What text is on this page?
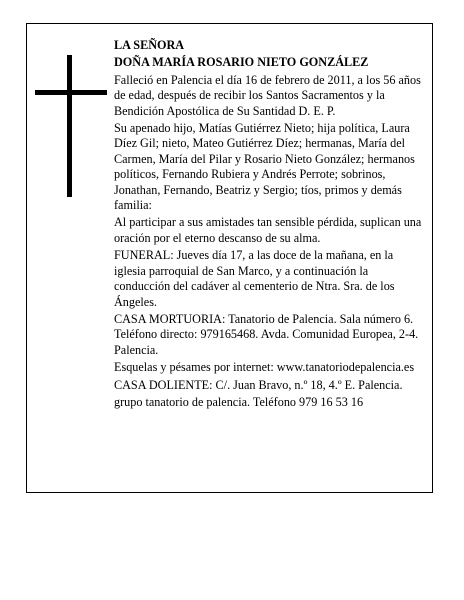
LA SEÑORA

DOÑA MARÍA ROSARIO NIETO GONZÁLEZ

Falleció en Palencia el día 16 de febrero de 2011, a los 56 años de edad, después de recibir los Santos Sacramentos y la Bendición Apostólica de Su Santidad D. E. P.

Su apenado hijo, Matías Gutiérrez Nieto; hija política, Laura Díez Gil; nieto, Mateo Gutiérrez Díez; hermanas, María del Carmen, María del Pilar y Rosario Nieto González; hermanos políticos, Fernando Rubiera y Andrés Perrote; sobrinos, Jonathan, Fernando, Beatriz y Sergio; tíos, primos y demás familia:

Al participar a sus amistades tan sensible pérdida, suplican una oración por el eterno descanso de su alma.

FUNERAL: Jueves día 17, a las doce de la mañana, en la iglesia parroquial de San Marco, y a continuación la conducción del cadáver al cementerio de Ntra. Sra. de los Ángeles.

CASA MORTUORIA: Tanatorio de Palencia. Sala número 6. Teléfono directo: 979165468. Avda. Comunidad Europea, 2-4. Palencia.

Esquelas y pésames por internet: www.tanatoriodepalencia.es

CASA DOLIENTE: C/. Juan Bravo, n.º 18, 4.º E. Palencia.

grupo tanatorio de palencia. Teléfono 979 16 53 16
